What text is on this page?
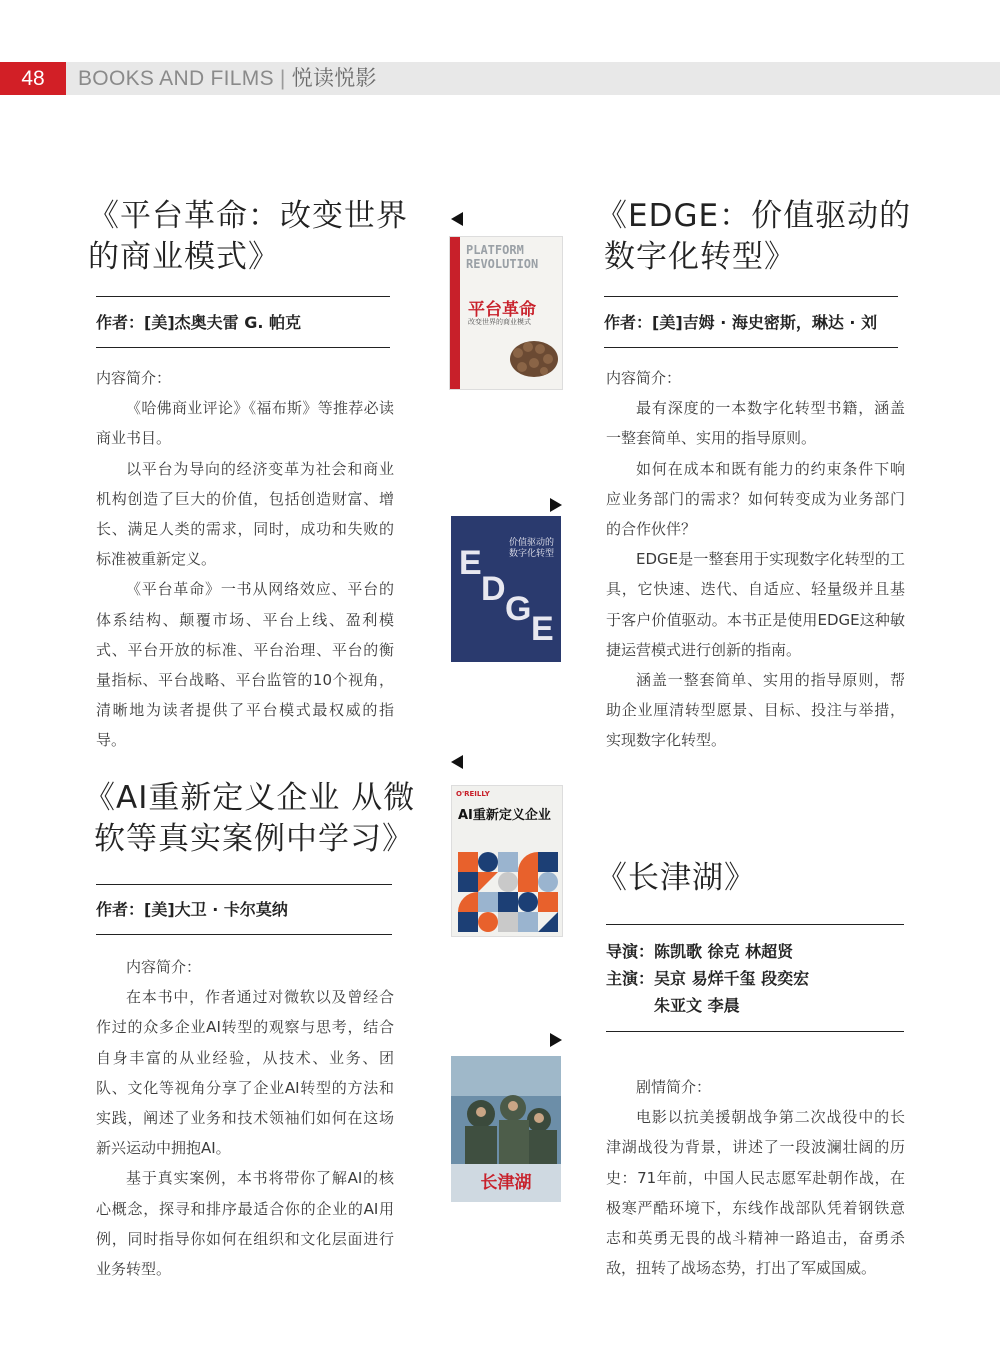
48	BOOKS AND FILMS | 悦读悦影
《平台革命：改变世界
的商业模式》
作者：[美]杰奥夫雷 G. 帕克

内容简介：

《哈佛商业评论》《福布斯》等推荐必读商业书目。

以平台为导向的经济变革为社会和商业机构创造了巨大的价值，包括创造财富、增长、满足人类的需求，同时，成功和失败的标准被重新定义。

《平台革命》一书从网络效应、平台的体系结构、颠覆市场、平台上线、盈利模式、平台开放的标准、平台治理、平台的衡量指标、平台战略、平台监管的10个视角，清晰地为读者提供了平台模式最权威的指导。

PLATFORM
REVOLUTION
平台革命
改变世界的商业模式
《EDGE：价值驱动的
数字化转型》
作者：[美]吉姆 · 海史密斯，琳达 · 刘

内容简介：

最有深度的一本数字化转型书籍，涵盖一整套简单、实用的指导原则。

如何在成本和既有能力的约束条件下响应业务部门的需求？如何转变成为业务部门的合作伙伴？

EDGE是一整套用于实现数字化转型的工具，它快速、迭代、自适应、轻量级并且基于客户价值驱动。本书正是使用EDGE这种敏捷运营模式进行创新的指南。

涵盖一整套简单、实用的指导原则，帮助企业厘清转型愿景、目标、投注与举措，实现数字化转型。

价值驱动的
数字化转型
E
D
G
E
《AI重新定义企业 从微
软等真实案例中学习》
作者：[美]大卫 · 卡尔莫纳

内容简介：

在本书中，作者通过对微软以及曾经合作过的众多企业AI转型的观察与思考，结合自身丰富的从业经验，从技术、业务、团队、文化等视角分享了企业AI转型的方法和实践，阐述了业务和技术领袖们如何在这场新兴运动中拥抱AI。

基于真实案例，本书将带你了解AI的核心概念，探寻和排序最适合你的企业的AI用例，同时指导你如何在组织和文化层面进行业务转型。

O'REILLY
AI重新定义企业
《长津湖》
导演：陈凯歌 徐克 林超贤
主演：吴京 易烊千玺 段奕宏
朱亚文 李晨

剧情简介：

电影以抗美援朝战争第二次战役中的长津湖战役为背景，讲述了一段波澜壮阔的历史：71年前，中国人民志愿军赴朝作战，在极寒严酷环境下，东线作战部队凭着钢铁意志和英勇无畏的战斗精神一路追击，奋勇杀敌，扭转了战场态势，打出了军威国威。

长津湖
